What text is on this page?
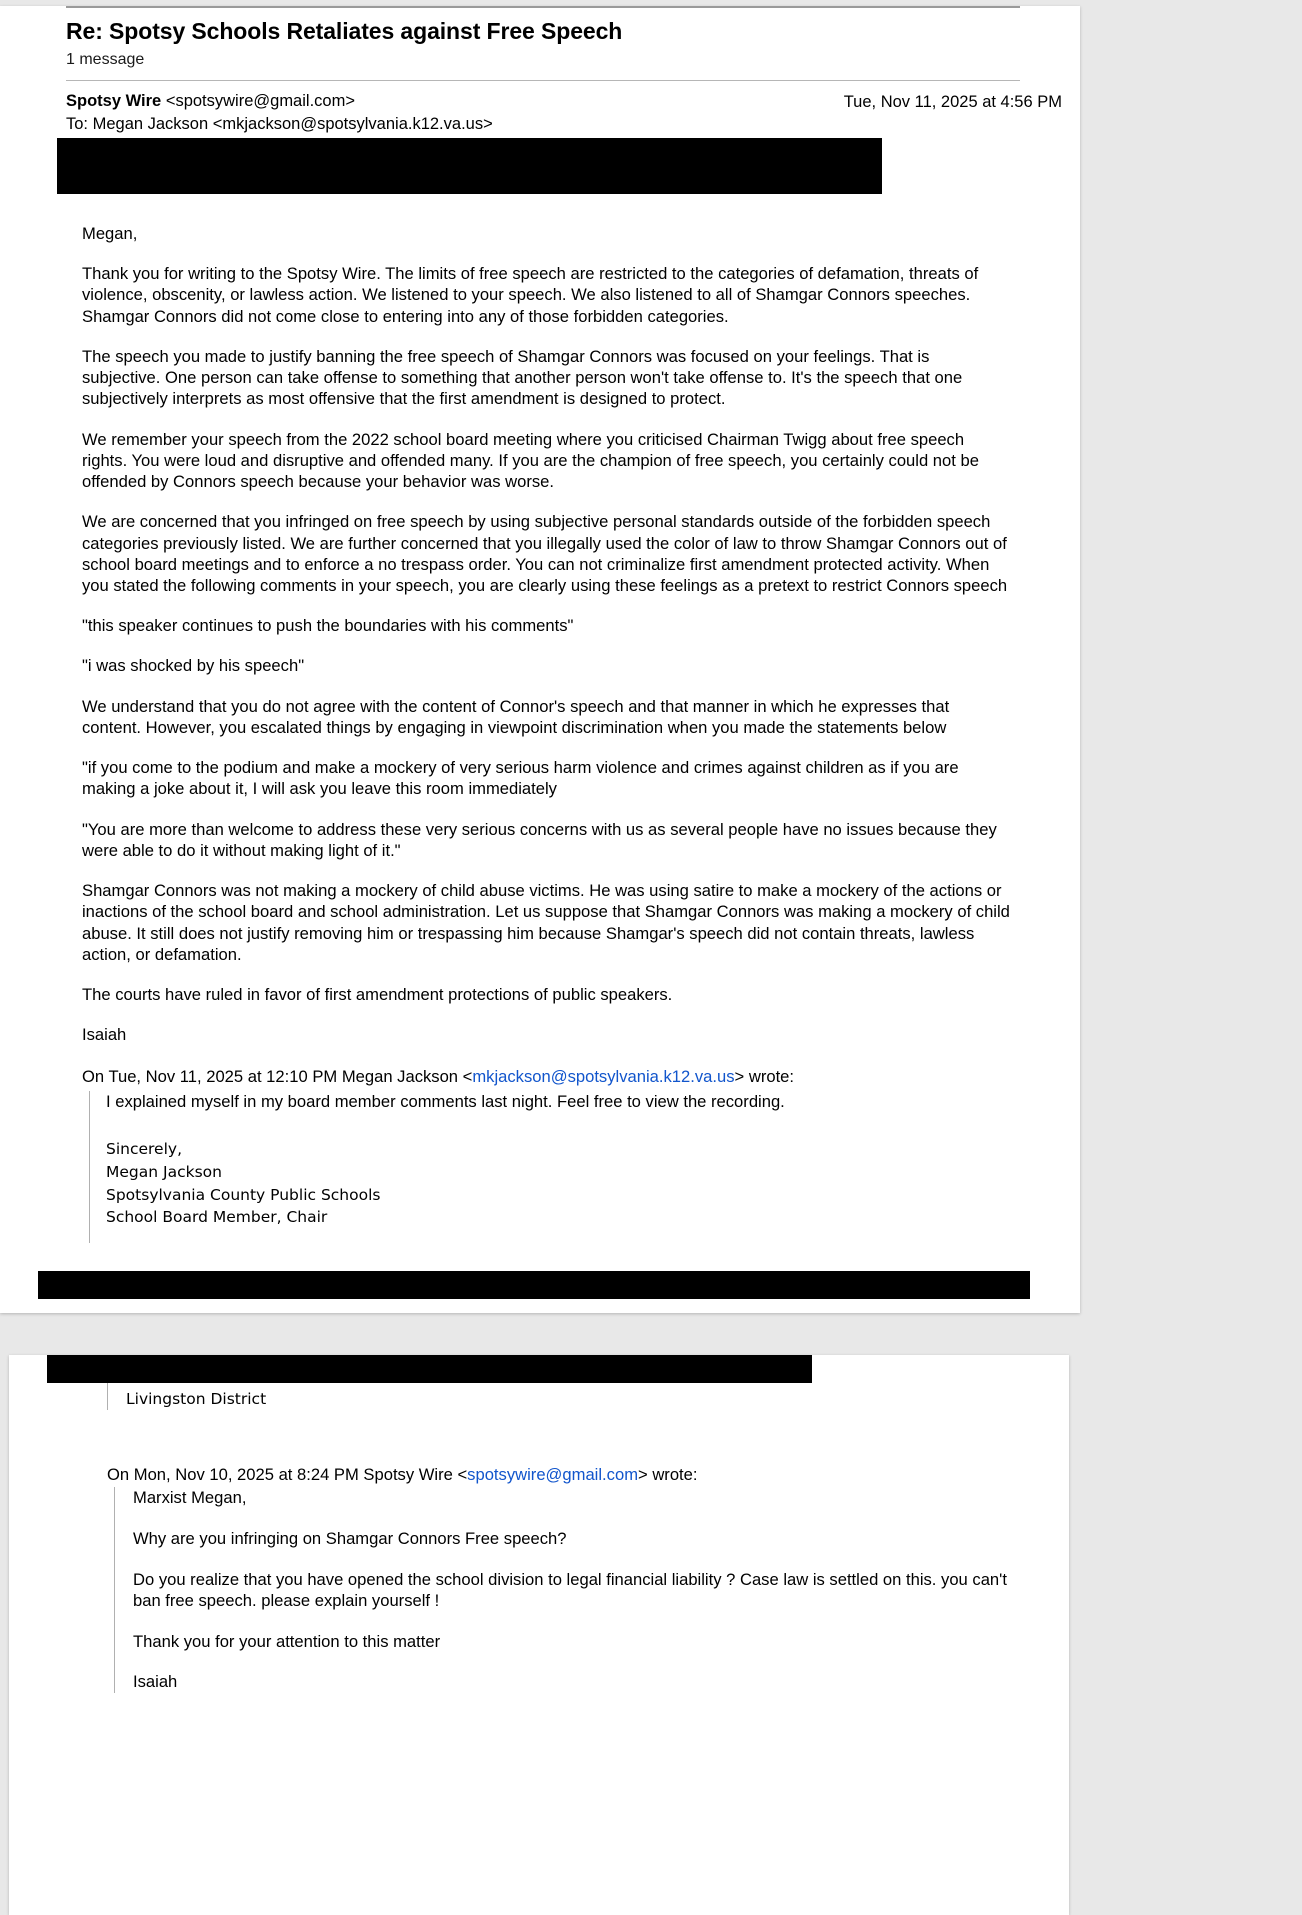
Re: Spotsy Schools Retaliates against Free Speech
1 message
Spotsy Wire <spotsywire@gmail.com>	Tue, Nov 11, 2025 at 4:56 PM
To: Megan Jackson <mkjackson@spotsylvania.k12.va.us>
Megan,
Thank you for writing to the Spotsy Wire. The limits of free speech are restricted to the categories of defamation, threats of violence, obscenity, or lawless action. We listened to your speech. We also listened to all of Shamgar Connors speeches. Shamgar Connors did not come close to entering into any of those forbidden categories.
The speech you made to justify banning the free speech of Shamgar Connors was focused on your feelings. That is subjective. One person can take offense to something that another person won't take offense to. It's the speech that one subjectively interprets as most offensive that the first amendment is designed to protect.
We remember your speech from the 2022 school board meeting where you criticised Chairman Twigg about free speech rights. You were loud and disruptive and offended many. If you are the champion of free speech, you certainly could not be offended by Connors speech because your behavior was worse.
We are concerned that you infringed on free speech by using subjective personal standards outside of the forbidden speech categories previously listed. We are further concerned that you illegally used the color of law to throw Shamgar Connors out of school board meetings and to enforce a no trespass order. You can not criminalize first amendment protected activity. When you stated the following comments in your speech, you are clearly using these feelings as a pretext to restrict Connors speech
"this speaker continues to push the boundaries with his comments"
"i was shocked by his speech"
We understand that you do not agree with the content of Connor's speech and that manner in which he expresses that content. However, you escalated things by engaging in viewpoint discrimination when you made the statements below
"if you come to the podium and make a mockery of very serious harm violence and crimes against children as if you are making a joke about it, I will ask you leave this room immediately
"You are more than welcome to address these very serious concerns with us as several people have no issues because they were able to do it without making light of it."
Shamgar Connors was not making a mockery of child abuse victims. He was using satire to make a mockery of the actions or inactions of the school board and school administration. Let us suppose that Shamgar Connors was making a mockery of child abuse. It still does not justify removing him or trespassing him because Shamgar's speech did not contain threats, lawless action, or defamation.
The courts have ruled in favor of first amendment protections of public speakers.
Isaiah
On Tue, Nov 11, 2025 at 12:10 PM Megan Jackson <mkjackson@spotsylvania.k12.va.us> wrote:
I explained myself in my board member comments last night. Feel free to view the recording.
Sincerely,
Megan Jackson
Spotsylvania County Public Schools
School Board Member, Chair
Livingston District
On Mon, Nov 10, 2025 at 8:24 PM Spotsy Wire <spotsywire@gmail.com> wrote:

Marxist Megan,

Why are you infringing on Shamgar Connors Free speech?

Do you realize that you have opened the school division to legal financial liability ? Case law is settled on this. you can't ban free speech. please explain yourself !

Thank you for your attention to this matter

Isaiah
